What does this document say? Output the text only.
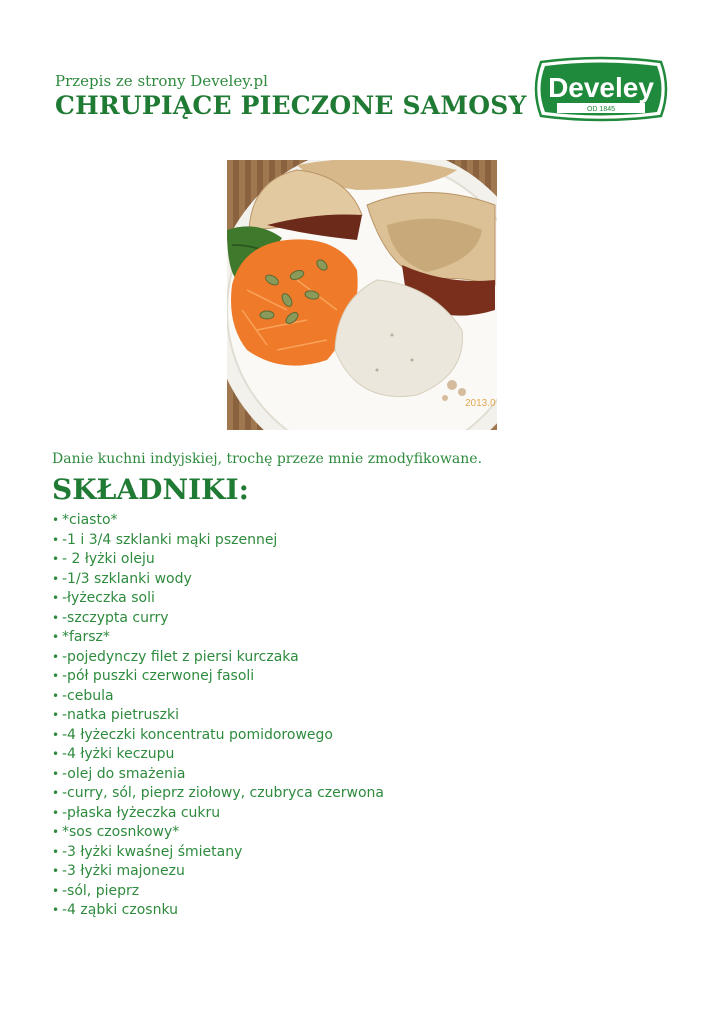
Przepis ze strony Develey.pl
CHRUPIĄCE PIECZONE SAMOSY
Develey
OD 1845
2013.0
Danie kuchni indyjskiej, trochę przeze mnie zmodyfikowane.
SKŁADNIKI:
• *ciasto*
• -1 i 3/4 szklanki mąki pszennej
• - 2 łyżki oleju
• -1/3 szklanki wody
• -łyżeczka soli
• -szczypta curry
• *farsz*
• -pojedynczy filet z piersi kurczaka
• -pół puszki czerwonej fasoli
• -cebula
• -natka pietruszki
• -4 łyżeczki koncentratu pomidorowego
• -4 łyżki keczupu
• -olej do smażenia
• -curry, sól, pieprz ziołowy, czubryca czerwona
• -płaska łyżeczka cukru
• *sos czosnkowy*
• -3 łyżki kwaśnej śmietany
• -3 łyżki majonezu
• -sól, pieprz
• -4 ząbki czosnku
